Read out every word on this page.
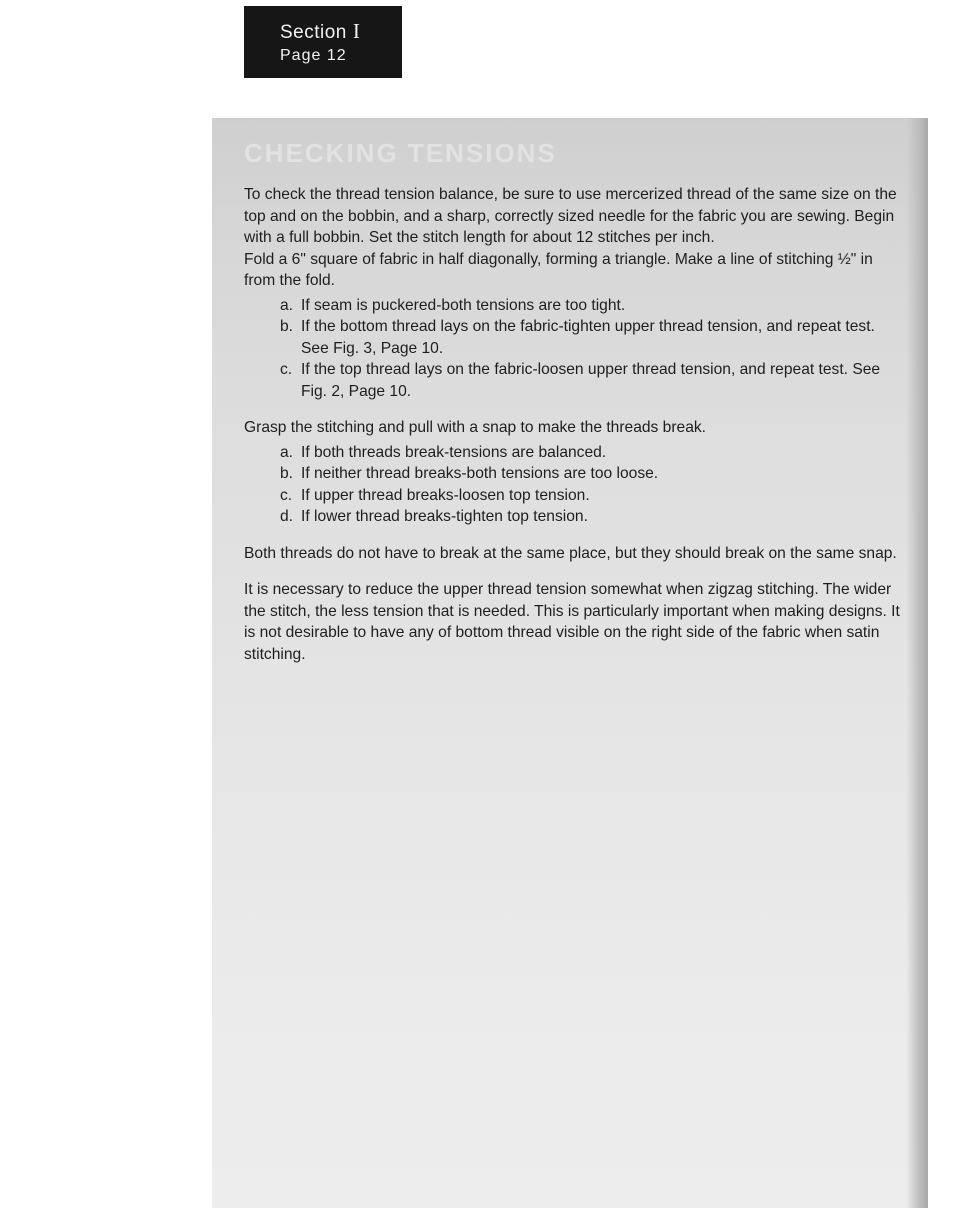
Section I
Page 12
CHECKING TENSIONS

To check the thread tension balance, be sure to use mercerized thread of the same size on the top and on the bobbin, and a sharp, correctly sized needle for the fabric you are sewing. Begin with a full bobbin. Set the stitch length for about 12 stitches per inch.

Fold a 6" square of fabric in half diagonally, forming a triangle. Make a line of stitching ½" in from the fold.

a. If seam is puckered-both tensions are too tight.
b. If the bottom thread lays on the fabric-tighten upper thread tension, and repeat test. See Fig. 3, Page 10.
c. If the top thread lays on the fabric-loosen upper thread tension, and repeat test. See Fig. 2, Page 10.

Grasp the stitching and pull with a snap to make the threads break.

a. If both threads break-tensions are balanced.
b. If neither thread breaks-both tensions are too loose.
c. If upper thread breaks-loosen top tension.
d. If lower thread breaks-tighten top tension.

Both threads do not have to break at the same place, but they should break on the same snap.

It is necessary to reduce the upper thread tension somewhat when zigzag stitching. The wider the stitch, the less tension that is needed. This is particularly important when making designs. It is not desirable to have any of bottom thread visible on the right side of the fabric when satin stitching.
